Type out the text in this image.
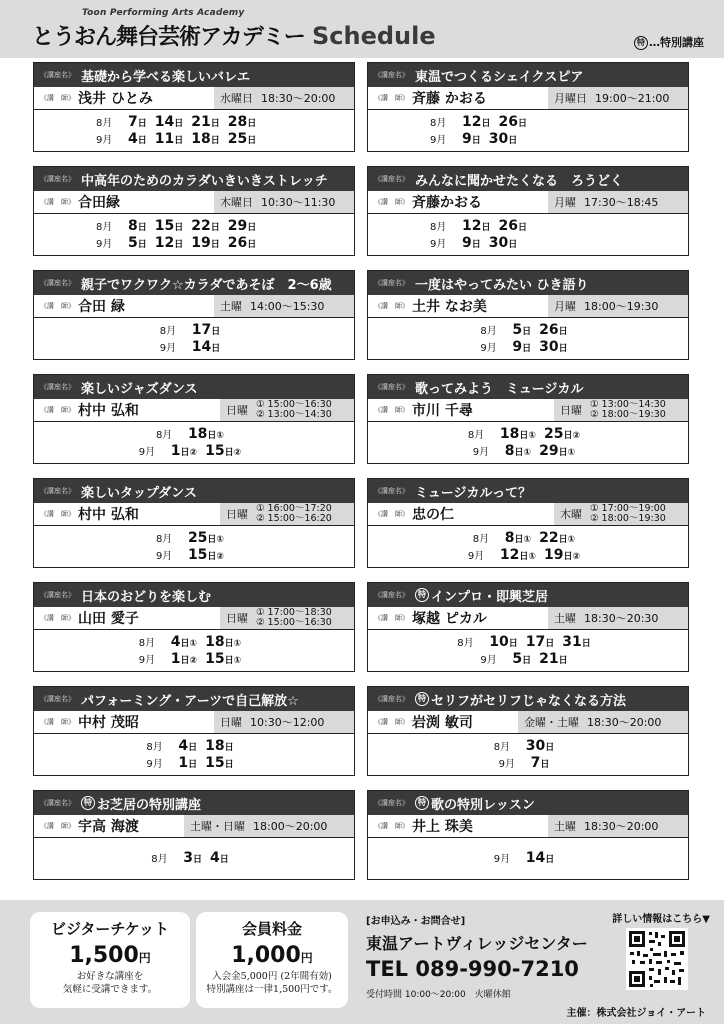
Toon Performing Arts Academy
とうおん舞台芸術アカデミー Schedule	特 …特別講座
《講座名》 基礎から学べる楽しいバレエ
《講　師》 浅井 ひとみ	水曜日 18:30〜20:00
8月	7日 14日 21日 28日
9月	4日 11日 18日 25日
《講座名》 東温でつくるシェイクスピア
《講　師》 斉藤 かおる	月曜日 19:00〜21:00
8月	12日 26日
9月	9日 30日
《講座名》 中高年のためのカラダいきいきストレッチ
《講　師》 合田緑	木曜日 10:30〜11:30
8月	8日 15日 22日 29日
9月	5日 12日 19日 26日
《講座名》 みんなに聞かせたくなる　ろうどく
《講　師》 斉藤かおる	月曜 17:30〜18:45
8月	12日 26日
9月	9日 30日
《講座名》 親子でワクワク☆カラダであそぼ　2〜6歳
《講　師》 合田 緑	土曜 14:00〜15:30
8月	17日
9月	14日
《講座名》 一度はやってみたい ひき語り
《講　師》 土井 なお美	月曜 18:00〜19:30
8月	5日 26日
9月	9日 30日
《講座名》 楽しいジャズダンス
《講　師》 村中 弘和	日曜 ① 15:00〜16:30
② 13:00〜14:30
8月	18日①
9月	1日② 15日②
《講座名》 歌ってみよう　ミュージカル
《講　師》 市川 千尋	日曜 ① 13:00〜14:30
② 18:00〜19:30
8月	18日① 25日②
9月	8日① 29日①
《講座名》 楽しいタップダンス
《講　師》 村中 弘和	日曜 ① 16:00〜17:20
② 15:00〜16:20
8月	25日①
9月	15日②
《講座名》 ミュージカルって？
《講　師》 忠の仁	木曜 ① 17:00〜19:00
② 18:00〜19:30
8月	8日① 22日①
9月	12日① 19日②
《講座名》 日本のおどりを楽しむ
《講　師》 山田 愛子	日曜 ① 17:00〜18:30
② 15:00〜16:30
8月	4日① 18日①
9月	1日② 15日①
《講座名》	特 インプロ・即興芝居
《講　師》 塚越 ピカル	土曜 18:30〜20:30
8月	10日 17日 31日
9月	5日 21日
《講座名》 パフォーミング・アーツで自己解放☆
《講　師》 中村 茂昭	日曜 10:30〜12:00
8月	4日 18日
9月	1日 15日
《講座名》	特 セリフがセリフじゃなくなる方法
《講　師》 岩渕 敏司	金曜・土曜 18:30〜20:00
8月	30日
9月	7日
《講座名》	特 お芝居の特別講座
《講　師》 宇高 海渡	土曜・日曜 18:00〜20:00
8月	3日 4日
《講座名》	特 歌の特別レッスン
《講　師》 井上 珠美	土曜 18:30〜20:00
9月	14日
ビジターチケット
1,500円
お好きな講座を
気軽に受講できます。
会員料金
1,000円
入会金5,000円 (2年間有効)
特別講座は一律1,500円です。
[お申込み・お問合せ]
東温アートヴィレッジセンター
TEL 089-990-7210
受付時間 10:00〜20:00　火曜休館
詳しい情報はこちら▼
主催：株式会社ジョイ・アート
